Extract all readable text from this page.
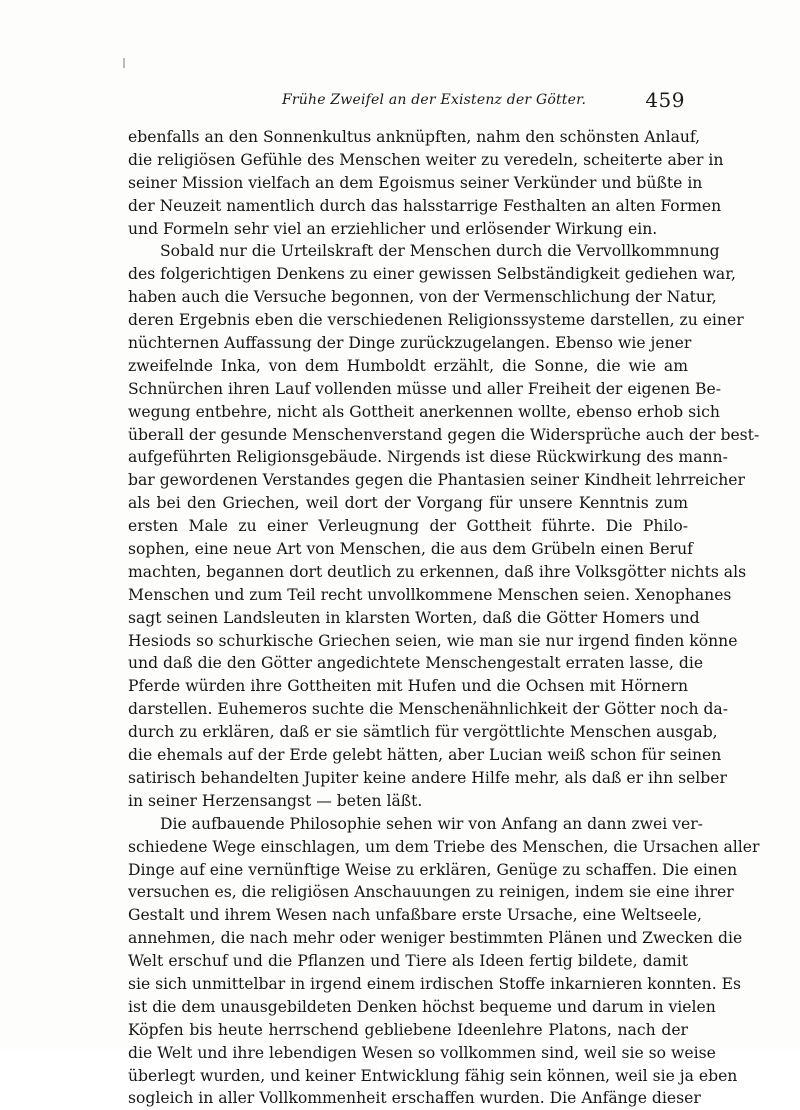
Frühe Zweifel an der Existenz der Götter.	459
ebenfalls an den Sonnenkultus anknüpften, nahm den schönsten Anlauf,
die religiösen Gefühle des Menschen weiter zu veredeln, scheiterte aber in
seiner Mission vielfach an dem Egoismus seiner Verkünder und büßte in
der Neuzeit namentlich durch das halsstarrige Festhalten an alten Formen
und Formeln sehr viel an erziehlicher und erlösender Wirkung ein.
Sobald nur die Urteilskraft der Menschen durch die Vervollkommnung
des folgerichtigen Denkens zu einer gewissen Selbständigkeit gediehen war,
haben auch die Versuche begonnen, von der Vermenschlichung der Natur,
deren Ergebnis eben die verschiedenen Religionssysteme darstellen, zu einer
nüchternen Auffassung der Dinge zurückzugelangen. Ebenso wie jener
zweifelnde Inka, von dem Humboldt erzählt, die Sonne, die wie am
Schnürchen ihren Lauf vollenden müsse und aller Freiheit der eigenen Be-
wegung entbehre, nicht als Gottheit anerkennen wollte, ebenso erhob sich
überall der gesunde Menschenverstand gegen die Widersprüche auch der best-
aufgeführten Religionsgebäude. Nirgends ist diese Rückwirkung des mann-
bar gewordenen Verstandes gegen die Phantasien seiner Kindheit lehrreicher
als bei den Griechen, weil dort der Vorgang für unsere Kenntnis zum
ersten Male zu einer Verleugnung der Gottheit führte. Die Philo-
sophen, eine neue Art von Menschen, die aus dem Grübeln einen Beruf
machten, begannen dort deutlich zu erkennen, daß ihre Volksgötter nichts als
Menschen und zum Teil recht unvollkommene Menschen seien. Xenophanes
sagt seinen Landsleuten in klarsten Worten, daß die Götter Homers und
Hesiods so schurkische Griechen seien, wie man sie nur irgend finden könne
und daß die den Götter angedichtete Menschengestalt erraten lasse, die
Pferde würden ihre Gottheiten mit Hufen und die Ochsen mit Hörnern
darstellen. Euhemeros suchte die Menschenähnlichkeit der Götter noch da-
durch zu erklären, daß er sie sämtlich für vergöttlichte Menschen ausgab,
die ehemals auf der Erde gelebt hätten, aber Lucian weiß schon für seinen
satirisch behandelten Jupiter keine andere Hilfe mehr, als daß er ihn selber
in seiner Herzensangst — beten läßt.
Die aufbauende Philosophie sehen wir von Anfang an dann zwei ver-
schiedene Wege einschlagen, um dem Triebe des Menschen, die Ursachen aller
Dinge auf eine vernünftige Weise zu erklären, Genüge zu schaffen. Die einen
versuchen es, die religiösen Anschauungen zu reinigen, indem sie eine ihrer
Gestalt und ihrem Wesen nach unfaßbare erste Ursache, eine Weltseele,
annehmen, die nach mehr oder weniger bestimmten Plänen und Zwecken die
Welt erschuf und die Pflanzen und Tiere als Ideen fertig bildete, damit
sie sich unmittelbar in irgend einem irdischen Stoffe inkarnieren konnten. Es
ist die dem unausgebildeten Denken höchst bequeme und darum in vielen
Köpfen bis heute herrschend gebliebene Ideenlehre Platons, nach der
die Welt und ihre lebendigen Wesen so vollkommen sind, weil sie so weise
überlegt wurden, und keiner Entwicklung fähig sein können, weil sie ja eben
sogleich in aller Vollkommenheit erschaffen wurden. Die Anfänge dieser
